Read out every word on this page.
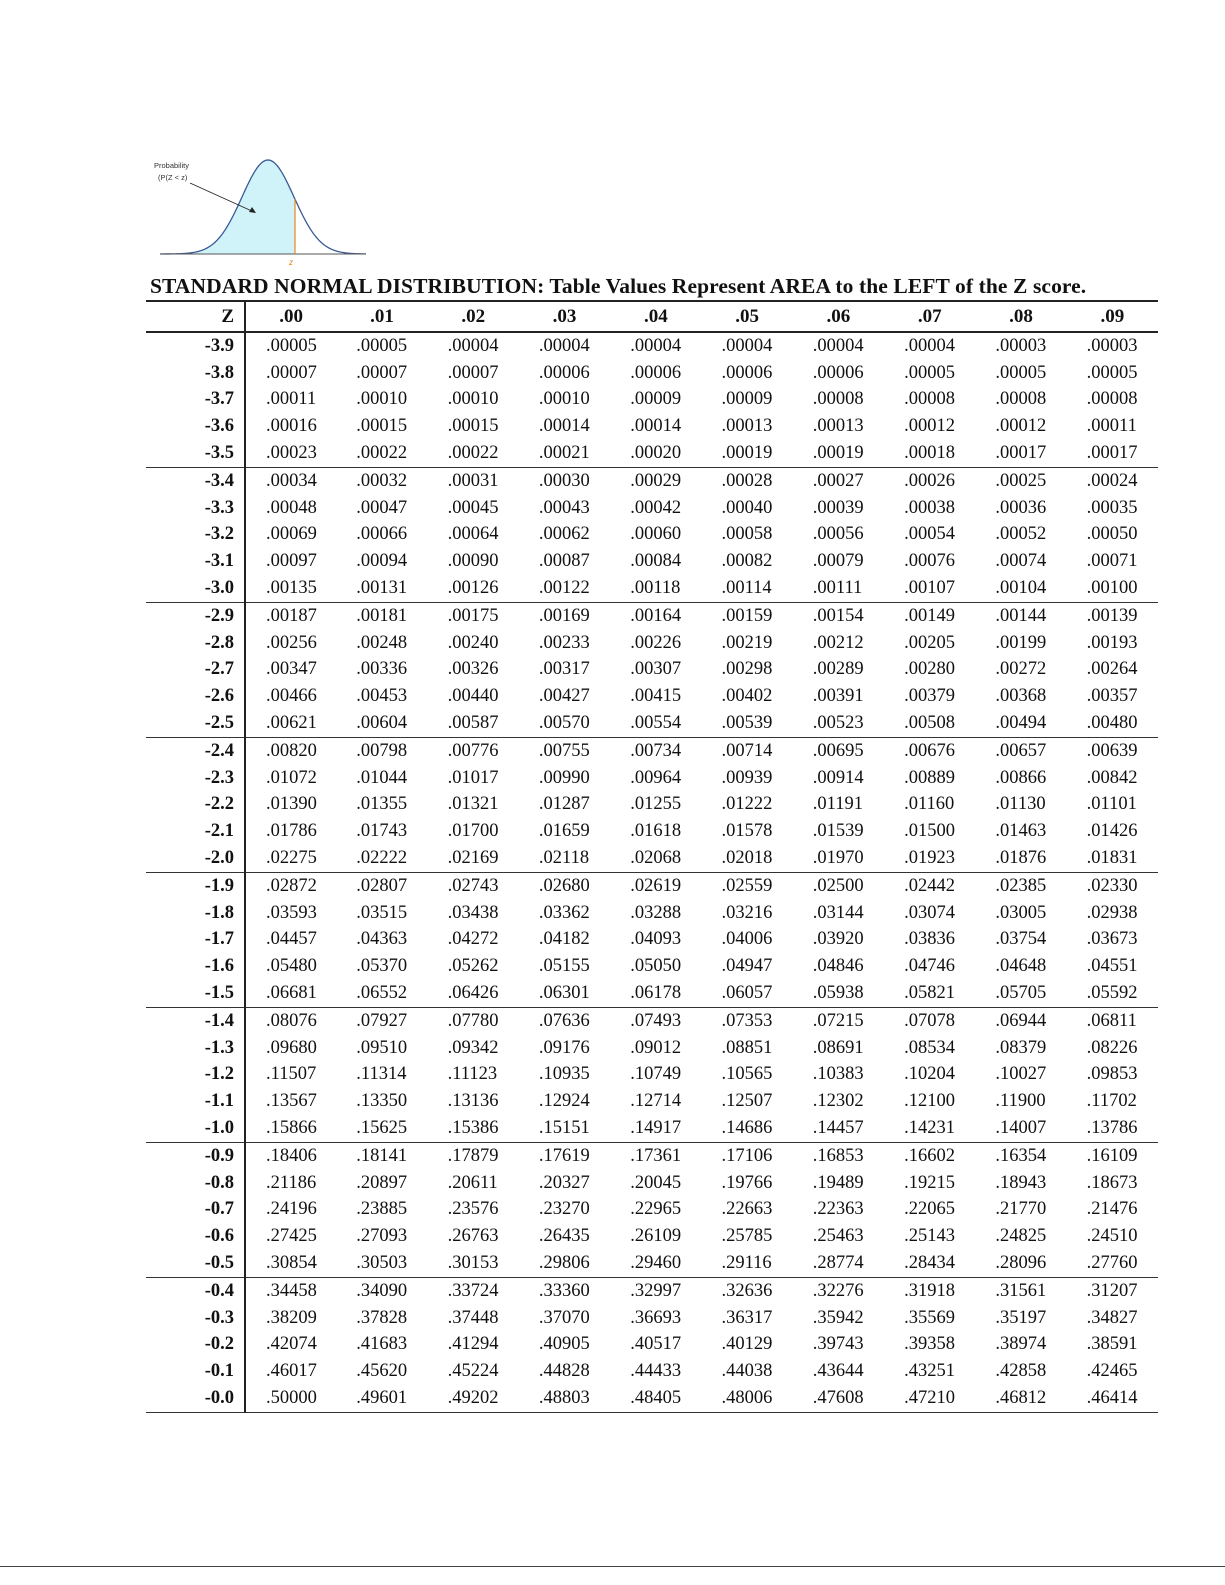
Probability
(P(Z < z)
z
STANDARD NORMAL DISTRIBUTION: Table Values Represent AREA to the LEFT of the Z score.
Z	.00	.01	.02	.03	.04	.05	.06	.07	.08	.09
-3.9	.00005	.00005	.00004	.00004	.00004	.00004	.00004	.00004	.00003	.00003
-3.8	.00007	.00007	.00007	.00006	.00006	.00006	.00006	.00005	.00005	.00005
-3.7	.00011	.00010	.00010	.00010	.00009	.00009	.00008	.00008	.00008	.00008
-3.6	.00016	.00015	.00015	.00014	.00014	.00013	.00013	.00012	.00012	.00011
-3.5	.00023	.00022	.00022	.00021	.00020	.00019	.00019	.00018	.00017	.00017
-3.4	.00034	.00032	.00031	.00030	.00029	.00028	.00027	.00026	.00025	.00024
-3.3	.00048	.00047	.00045	.00043	.00042	.00040	.00039	.00038	.00036	.00035
-3.2	.00069	.00066	.00064	.00062	.00060	.00058	.00056	.00054	.00052	.00050
-3.1	.00097	.00094	.00090	.00087	.00084	.00082	.00079	.00076	.00074	.00071
-3.0	.00135	.00131	.00126	.00122	.00118	.00114	.00111	.00107	.00104	.00100
-2.9	.00187	.00181	.00175	.00169	.00164	.00159	.00154	.00149	.00144	.00139
-2.8	.00256	.00248	.00240	.00233	.00226	.00219	.00212	.00205	.00199	.00193
-2.7	.00347	.00336	.00326	.00317	.00307	.00298	.00289	.00280	.00272	.00264
-2.6	.00466	.00453	.00440	.00427	.00415	.00402	.00391	.00379	.00368	.00357
-2.5	.00621	.00604	.00587	.00570	.00554	.00539	.00523	.00508	.00494	.00480
-2.4	.00820	.00798	.00776	.00755	.00734	.00714	.00695	.00676	.00657	.00639
-2.3	.01072	.01044	.01017	.00990	.00964	.00939	.00914	.00889	.00866	.00842
-2.2	.01390	.01355	.01321	.01287	.01255	.01222	.01191	.01160	.01130	.01101
-2.1	.01786	.01743	.01700	.01659	.01618	.01578	.01539	.01500	.01463	.01426
-2.0	.02275	.02222	.02169	.02118	.02068	.02018	.01970	.01923	.01876	.01831
-1.9	.02872	.02807	.02743	.02680	.02619	.02559	.02500	.02442	.02385	.02330
-1.8	.03593	.03515	.03438	.03362	.03288	.03216	.03144	.03074	.03005	.02938
-1.7	.04457	.04363	.04272	.04182	.04093	.04006	.03920	.03836	.03754	.03673
-1.6	.05480	.05370	.05262	.05155	.05050	.04947	.04846	.04746	.04648	.04551
-1.5	.06681	.06552	.06426	.06301	.06178	.06057	.05938	.05821	.05705	.05592
-1.4	.08076	.07927	.07780	.07636	.07493	.07353	.07215	.07078	.06944	.06811
-1.3	.09680	.09510	.09342	.09176	.09012	.08851	.08691	.08534	.08379	.08226
-1.2	.11507	.11314	.11123	.10935	.10749	.10565	.10383	.10204	.10027	.09853
-1.1	.13567	.13350	.13136	.12924	.12714	.12507	.12302	.12100	.11900	.11702
-1.0	.15866	.15625	.15386	.15151	.14917	.14686	.14457	.14231	.14007	.13786
-0.9	.18406	.18141	.17879	.17619	.17361	.17106	.16853	.16602	.16354	.16109
-0.8	.21186	.20897	.20611	.20327	.20045	.19766	.19489	.19215	.18943	.18673
-0.7	.24196	.23885	.23576	.23270	.22965	.22663	.22363	.22065	.21770	.21476
-0.6	.27425	.27093	.26763	.26435	.26109	.25785	.25463	.25143	.24825	.24510
-0.5	.30854	.30503	.30153	.29806	.29460	.29116	.28774	.28434	.28096	.27760
-0.4	.34458	.34090	.33724	.33360	.32997	.32636	.32276	.31918	.31561	.31207
-0.3	.38209	.37828	.37448	.37070	.36693	.36317	.35942	.35569	.35197	.34827
-0.2	.42074	.41683	.41294	.40905	.40517	.40129	.39743	.39358	.38974	.38591
-0.1	.46017	.45620	.45224	.44828	.44433	.44038	.43644	.43251	.42858	.42465
-0.0	.50000	.49601	.49202	.48803	.48405	.48006	.47608	.47210	.46812	.46414
